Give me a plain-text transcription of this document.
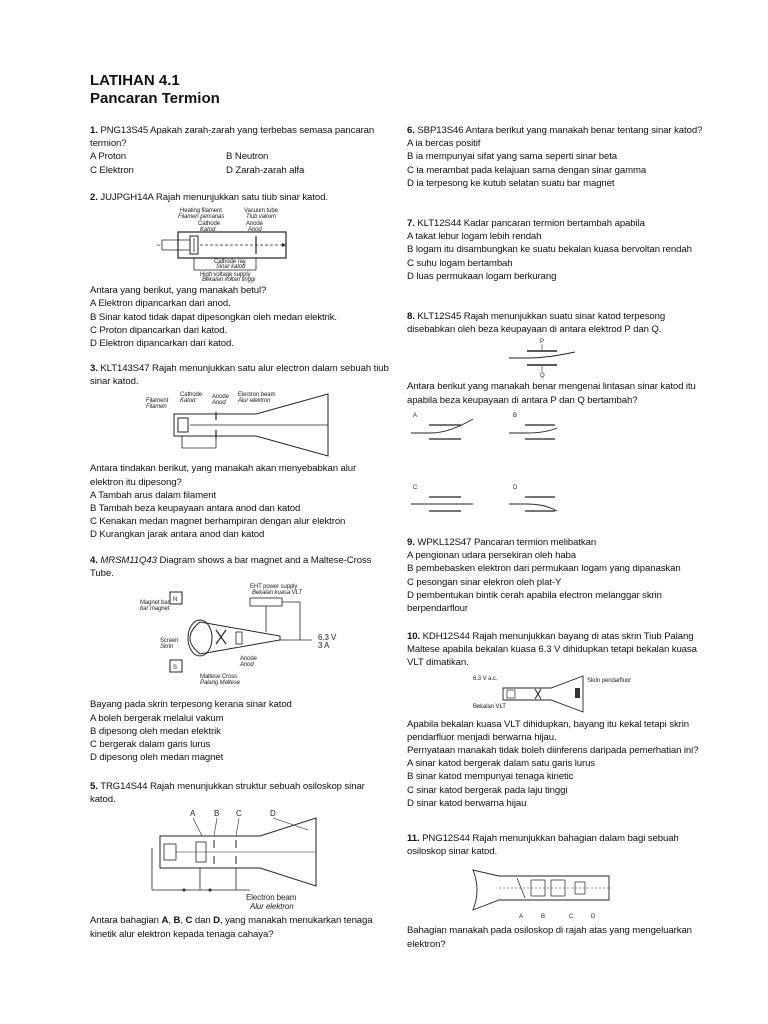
LATIHAN 4.1
Pancaran Termion

1. PNG13S45 Apakah zarah-zarah yang terbebas semasa pancaran termion?

A Proton	B Neutron
C Elektron	D Zarah-zarah alfa

2. JUJPGH14A Rajah menunjukkan satu tiub sinar katod.

Heating filament
Filamen pemanas
Vacuum tube
Tiub vakum
Cathode
Katod
Anode
Anod
~
Cathode ray
Sinar katod
High voltage supply
Bekalan voltan tinggi

Antara yang berikut, yang manakah betul?

A Elektron dipancarkan dari anod.

B Sinar katod tidak dapat dipesongkan oleh medan elektrik.

C Proton dipancarkan dari katod.

D Elektron dipancarkan dari katod.

3. KLT143S47 Rajah menunjukkan satu alur electron dalam sebuah tiub sinar katod.

Filament
Filamen
Cathode
Katod
Anode
Anod
Electron beam
Alur elektron

Antara tindakan berikut, yang manakah akan menyebabkan alur elektron itu dipesong?

A Tambah arus dalam filament

B Tambah beza keupayaan antara anod dan katod

C Kenakan medan magnet berhampiran dengan alur elektron

D Kurangkan jarak antara anod dan katod

4. MRSM11Q43 Diagram shows a bar magnet and a Maltese-Cross Tube.

EHT power supply
Bekalan kuasa VLT
Magnet bar
bar magnet
N
S
Screen
Skrin
6.3 V
3 A
Anode
Anod
Maltese Cross
Palang Maltese

Bayang pada skrin terpesong kerana sinar katod

A boleh bergerak melalui vakum

B dipesong oleh medan elektrik

C bergerak dalam garis lurus

D dipesong oleh medan magnet

5. TRG14S44 Rajah menunjukkan struktur sebuah osiloskop sinar katod.

A B C	D
Electron beam
Alur elektron

Antara bahagian A, B, C dan D, yang manakah menukarkan tenaga kinetik alur elektron kepada tenaga cahaya?

6. SBP13S46 Antara berikut yang manakah benar tentang sinar katod?

A ia bercas positif

B ia mempunyai sifat yang sama seperti sinar beta

C ia merambat pada kelajuan sama dengan sinar gamma

D ia terpesong ke kutub selatan suatu bar magnet

7. KLT12S44 Kadar pancaran termion bertambah apabila

A takat lebur logam lebih rendah

B logam itu disambungkan ke suatu bekalan kuasa bervoltan rendah

C suhu logam bertambah

D luas permukaan logam berkurang

8. KLT12S45 Rajah menunjukkan suatu sinar katod terpesong disebabkan oleh beza keupayaan di antara elektrod P dan Q.

P
Q

Antara berikut yang manakah benar mengenai lintasan sinar katod itu apabila beza keupayaan di antara P dan Q bertambah?

A	B
C	D

9. WPKL12S47 Pancaran termion melibatkan

A pengionan udara persekiran oleh haba

B pembebasken elektron dari permukaan logam yang dipanaskan

C pesongan sinar elekron oleh plat-Y

D pembentukan bintik cerah apabila electron melanggar skrin berpendarflour

10. KDH12S44 Rajah menunjukkan bayang di atas skrin Tiub Palang Maltese apabila bekalan kuasa 6.3 V dihidupkan tetapi bekalan kuasa VLT dimatikan.

6.3 V a.c.
Bekalan VLT
Skrin pendarfluor

Apabila bekalan kuasa VLT dihidupkan, bayang itu kekal tetapi skrin pendarfluor menjadi berwarna hijau.

Pernyataan manakah tidak boleh diinferens daripada pemerhatian ini?

A sinar katod bergerak dalam satu garis lurus

B sinar katod mempunyai tenaga kinetic

C sinar katod bergerak pada laju tinggi

D sinar katod berwarna hijau

11. PNG12S44 Rajah menunjukkan bahagian dalam bagi sebuah osiloskop sinar katod.

A	B	C	D

Bahagian manakah pada osiloskop di rajah atas yang mengeluarkan elektron?
